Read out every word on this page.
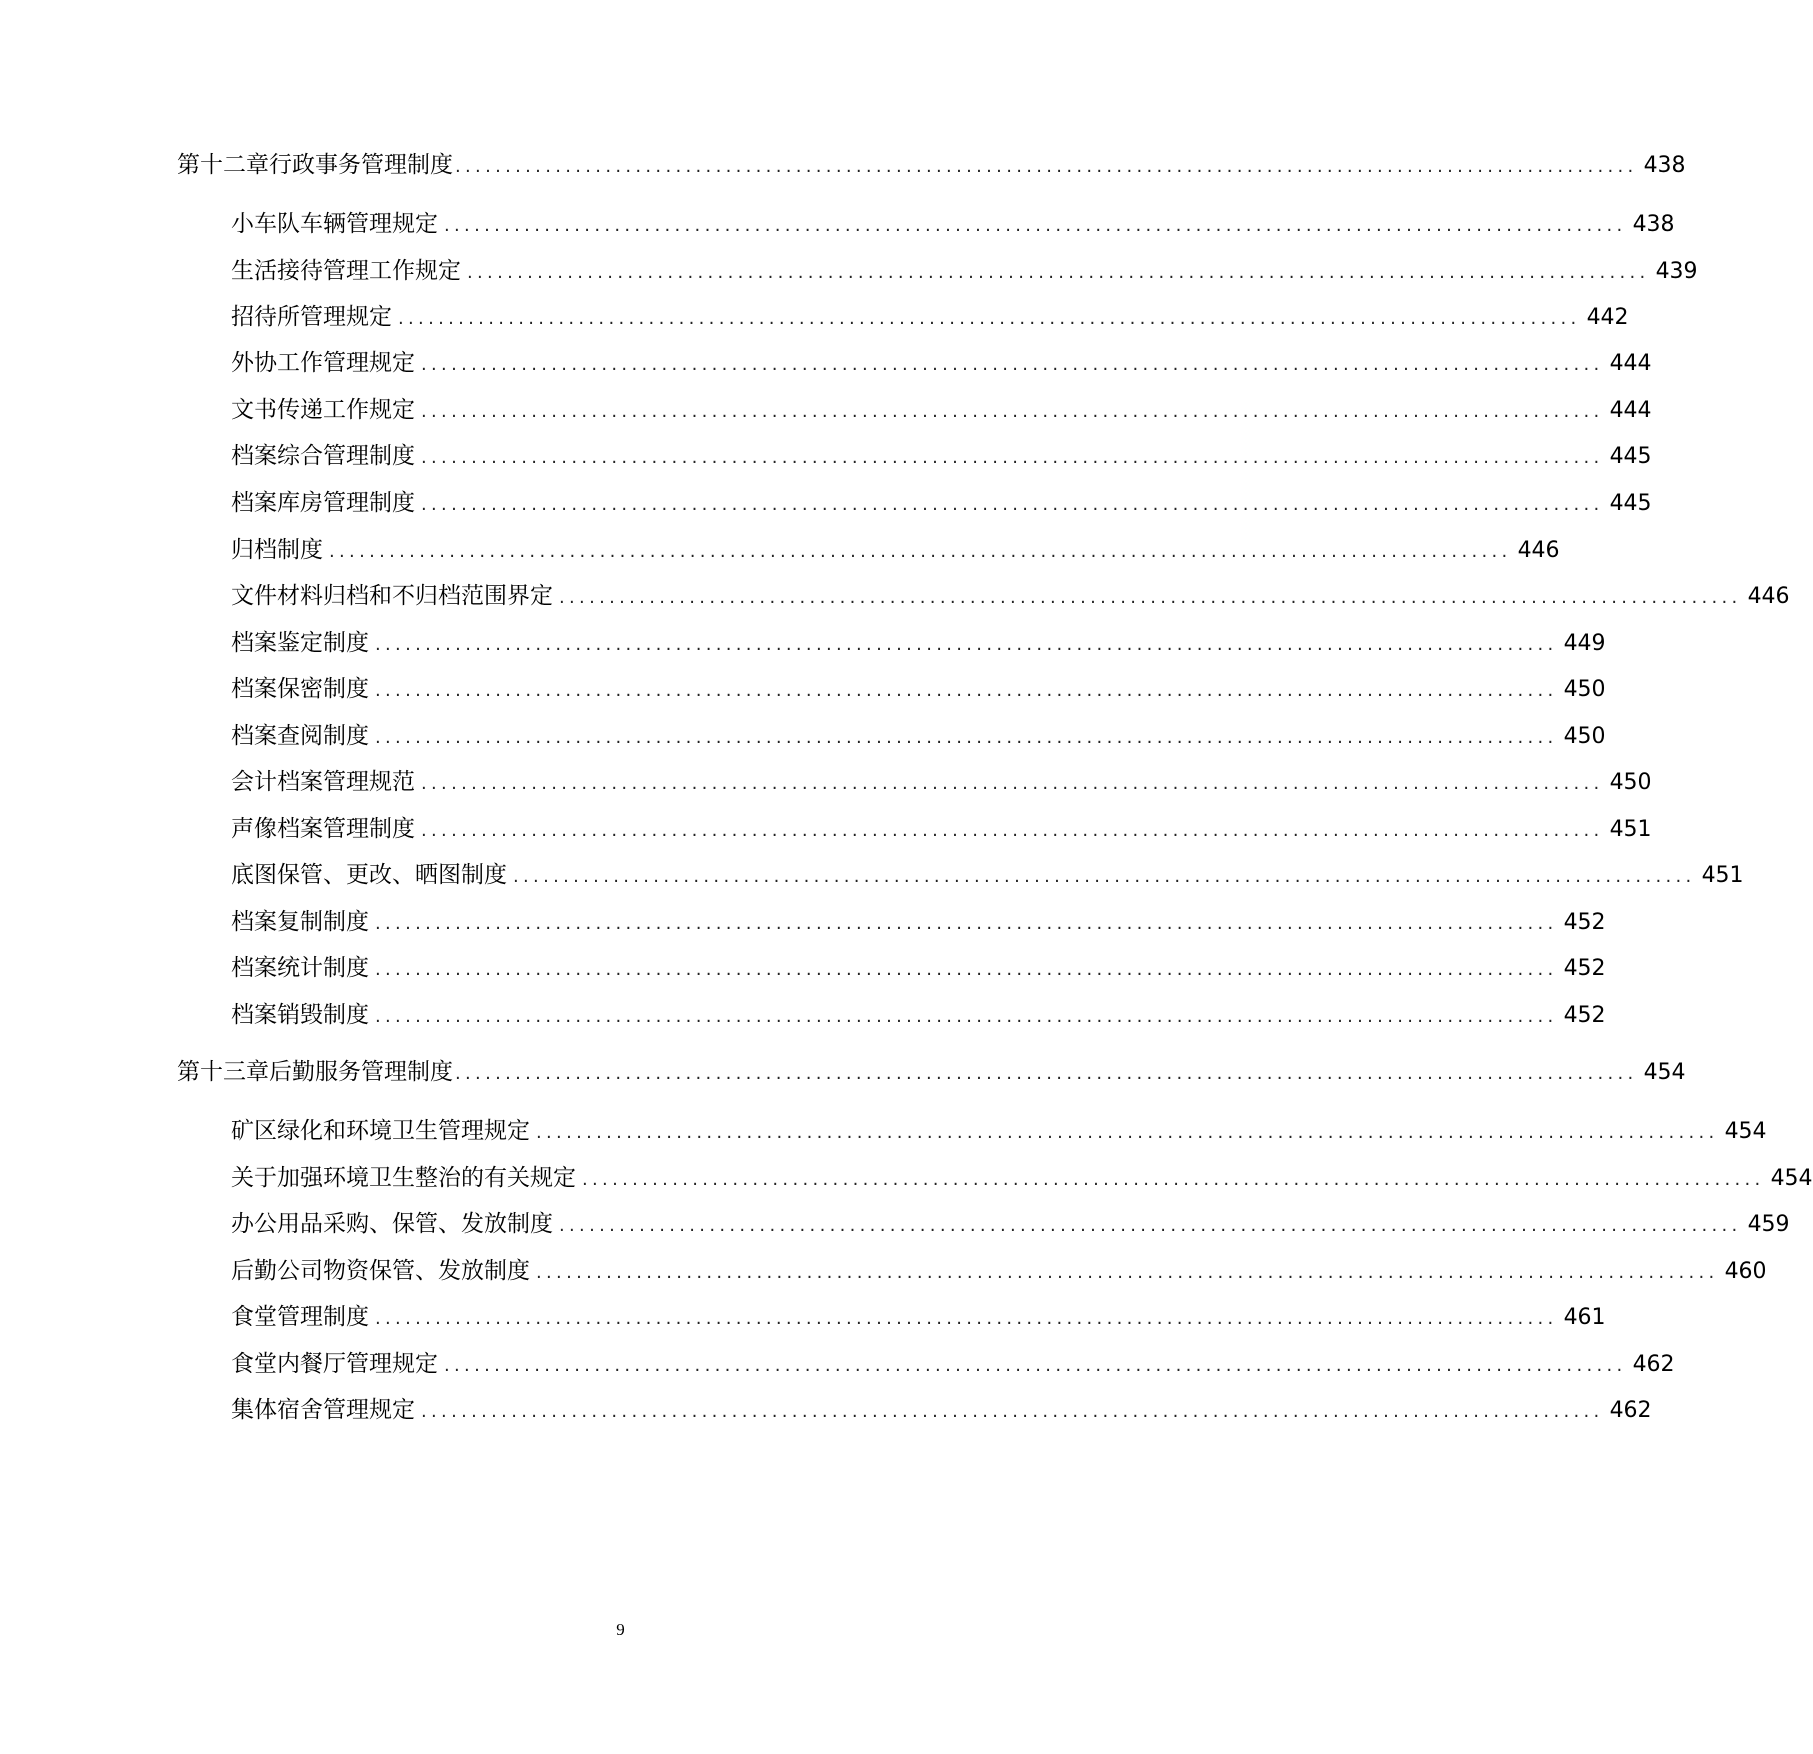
第十二章 行政事务管理制度 ...................................................................................................................... 438
小车队车辆管理规定 ...................................................................................................................... 438
生活接待管理工作规定 ...................................................................................................................... 439
招待所管理规定 ...................................................................................................................... 442
外协工作管理规定 ...................................................................................................................... 444
文书传递工作规定 ...................................................................................................................... 444
档案综合管理制度 ...................................................................................................................... 445
档案库房管理制度 ...................................................................................................................... 445
归档制度 ...................................................................................................................... 446
文件材料归档和不归档范围界定 ...................................................................................................................... 446
档案鉴定制度 ...................................................................................................................... 449
档案保密制度 ...................................................................................................................... 450
档案查阅制度 ...................................................................................................................... 450
会计档案管理规范 ...................................................................................................................... 450
声像档案管理制度 ...................................................................................................................... 451
底图保管、更改、晒图制度 ...................................................................................................................... 451
档案复制制度 ...................................................................................................................... 452
档案统计制度 ...................................................................................................................... 452
档案销毁制度 ...................................................................................................................... 452
第十三章 后勤服务管理制度 ...................................................................................................................... 454
矿区绿化和环境卫生管理规定 ...................................................................................................................... 454
关于加强环境卫生整治的有关规定 ...................................................................................................................... 454
办公用品采购、保管、发放制度 ...................................................................................................................... 459
后勤公司物资保管、发放制度 ...................................................................................................................... 460
食堂管理制度 ...................................................................................................................... 461
食堂内餐厅管理规定 ...................................................................................................................... 462
集体宿舍管理规定 ...................................................................................................................... 462
9
